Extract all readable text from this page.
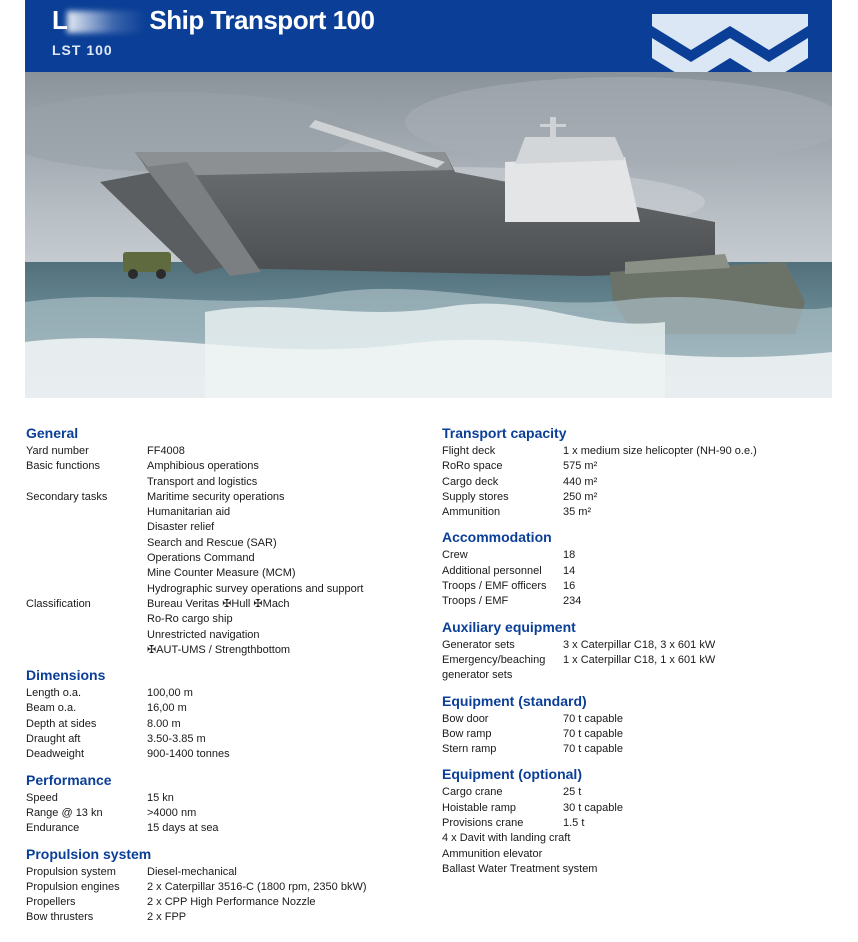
L	Ship Transport 100
LST 100
General
Yard number	FF4008
Basic functions	Amphibious operations
Transport and logistics
Secondary tasks	Maritime security operations
Humanitarian aid
Disaster relief
Search and Rescue (SAR)
Operations Command
Mine Counter Measure (MCM)
Hydrographic survey operations and support
Classification	Bureau Veritas ✠Hull ✠Mach
Ro-Ro cargo ship
Unrestricted navigation
✠AUT-UMS / Strengthbottom
Dimensions
Length o.a.	100,00 m
Beam o.a.	16,00 m
Depth at sides	8.00 m
Draught aft	3.50-3.85 m
Deadweight	900-1400 tonnes
Performance
Speed	15 kn
Range @ 13 kn	>4000 nm
Endurance	15 days at sea
Propulsion system
Propulsion system	Diesel-mechanical
Propulsion engines	2 x Caterpillar 3516-C (1800 rpm, 2350 bkW)
Propellers	2 x CPP High Performance Nozzle
Bow thrusters	2 x FPP
Transport capacity
Flight deck	1 x medium size helicopter (NH-90 o.e.)
RoRo space	575 m²
Cargo deck	440 m²
Supply stores	250 m²
Ammunition	35 m²
Accommodation
Crew	18
Additional personnel	14
Troops / EMF officers	16
Troops / EMF	234
Auxiliary equipment
Generator sets	3 x Caterpillar C18, 3 x 601 kW
Emergency/beaching	1 x Caterpillar C18, 1 x 601 kW
generator sets
Equipment (standard)
Bow door	70 t capable
Bow ramp	70 t capable
Stern ramp	70 t capable
Equipment (optional)
Cargo crane	25 t
Hoistable ramp	30 t capable
Provisions crane	1.5 t
4 x Davit with landing craft
Ammunition elevator
Ballast Water Treatment system
